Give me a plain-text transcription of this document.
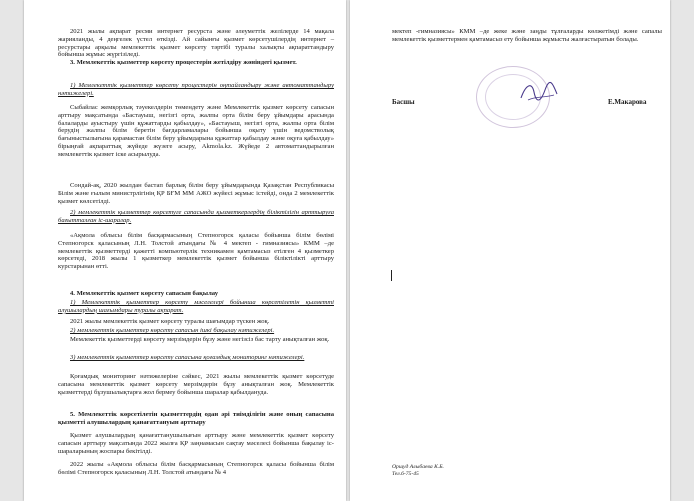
2021 жылы ақпарат ресми интернет ресурста және әлеуметтік желілерде 14 мақала жарияланды, 4 деңгелек үстел өткізді. Ай сайынғы қызмет көрсетушілердің интернет – ресурстары арқылы мемлекеттік қызмет көрсету тәртібі туралы халықты ақпараттандыру бойынша жұмыс жүргізіледі.
3. Мемлекеттік қызметтер көрсету процестерін жетілдіру жөніндегі қызмет.
1) Мемлекеттік қызметтер көрсету процестерін оңтайландыру және автоматтандыру нәтижелері.
Сыбайлас жемқорлық тәуекелдерін төмендету және Мемлекеттік қызмет көрсету сапасын арттыру мақсатында «Бастауыш, негізгі орта, жалпы орта білім беру ұйымдары арасында балаларды ауыстыру үшін құжаттарды қабылдау», «Бастауыш, негізгі орта, жалпы орта білім берудің жалпы білім беретін бағдарламалары бойынша оқыту үшін ведомстволық бағыныстылығына қарамастан білім беру ұйымдарына құжаттар қабылдау және оқуға қабылдау» бірыңғай ақпараттық жүйеде жүзеге асыру, Akmola.kz. Жүйеде 2 автоматтандырылған мемлекеттік қызмет іске асырылуда.
Сондай-ақ, 2020 жылдан бастап барлық білім беру ұйымдарында Қазақстан Республикасы Білім және ғылым министрлігінің ҚР БҒМ ММ АЖО жүйесі жұмыс істейді, онда 2 мемлекеттік қызмет көлсетілді.
2) мемлекеттік қызметтер көрсетуге сапасында қызметкерлердің біліктілігін арттыруға бағытталған іс-шаралар.
«Ақмола облысы білім басқармасының Степногорск қаласы бойынша білім бөлімі Степногорск қаласының Л.Н. Толстой атындағы № 4 мектеп - гимназиясы» КММ –де мемлекеттік қызметтерді қажетті компьютерлік техникамен қамтамасыз етілген 4 қызметкер көрсетеді, 2018 жылы 1 қызметкер мемлекеттік қызмет бойынша біліктілікті арттыру курстарынан өтті.
4. Мемлекеттік қызмет көрсету сапасын бақылау
1) Мемлекеттік қызметтер көрсету мәселелері бойынша көрсетілетін қызметті алушылардың шағымдары туралы ақпарат.
2021 жылы мемлекеттік қызмет көрсету туралы шағымдар түскен жоқ.
2) мемлекеттік қызметтер көрсету сапасын ішкі бақылау нәтижелері.
Мемлекеттік қызметтерді көрсету мерзімдерін бұзу және негізсіз бас тарту анықталған жоқ.
3) мемлекеттік қызметтер көрсету сапасына қоғамдық мониторинг нәтижелері.
Қоғамдық мониторинг нәтижелеріне сәйкес, 2021 жылы мемлекеттік қызмет көрсетуде сапасына мемлекеттік қызмет көрсету мерзімдерін бұзу анықталған жоқ. Мемлекеттік қызметтерді бұзушылықтарға жол бермеу бойынша шаралар қабылдануда.
5. Мемлекеттік көрсетілетін қызметтердің одан әрі тиімділігін және оның сапасына қызметті алушылардың қанағаттануын арттыру
Қызмет алушылардың қанағаттанушылығын арттыру және мемлекеттік қызмет көрсету сапасын арттыру мақсатында 2022 жылға ҚР заңнамасын сақтау мәселесі бойынша бақылау іс-шараларының жоспары бекітілді.
2022 жылы «Ақмола облысы білім басқармасының Степногорск қаласы бойынша білім бөлімі Степногорск қаласының Л.Н. Толстой атындағы № 4
мектеп -гимназиясы» КММ –де жеке және заңды тұлғаларды көлжетімді және сапалы мемлекеттік қызметтермен қамтамасыз ету бойынша жұмысты жалғастыратын болады.
Басшы	Е.Макарова
Оршуд Алыбаева К.Б.
Тел.6-75-45
